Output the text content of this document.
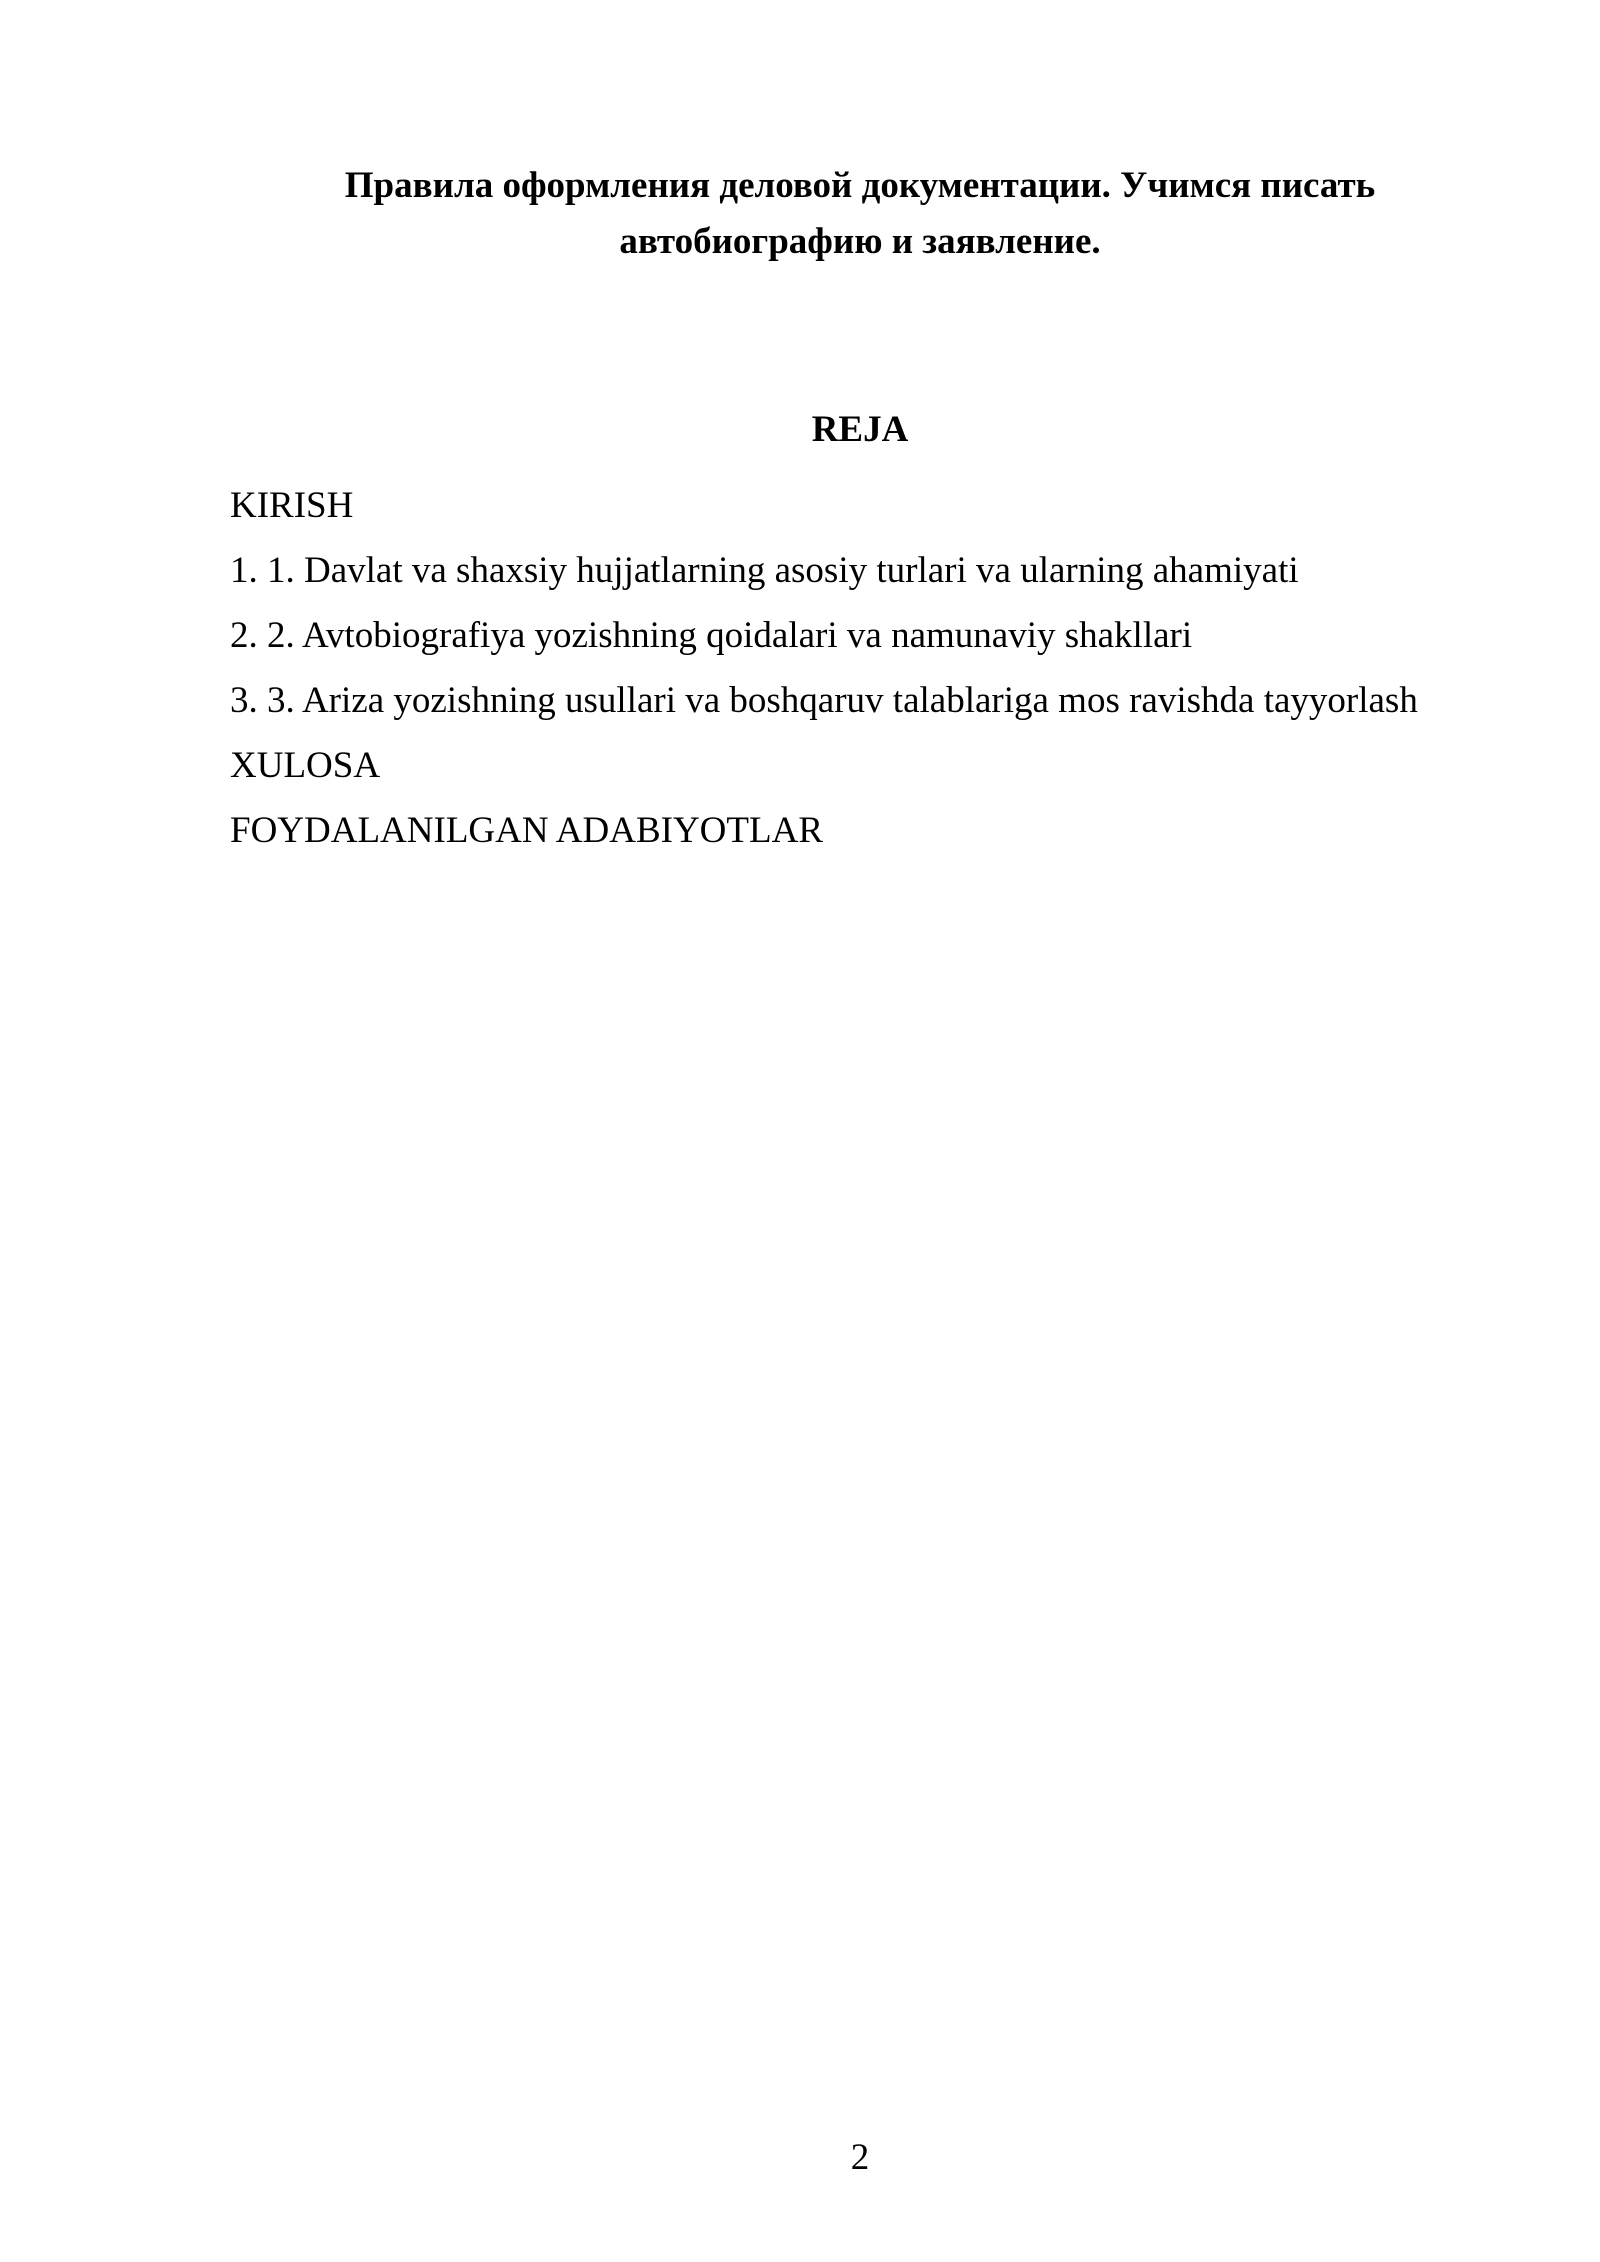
Правила оформления деловой документации. Учимся писать
автобиографию и заявление.
REJA
KIRISH
1. 1. Davlat va shaxsiy hujjatlarning asosiy turlari va ularning ahamiyati
2. 2. Avtobiografiya yozishning qoidalari va namunaviy shakllari
3. 3. Ariza yozishning usullari va boshqaruv talablariga mos ravishda tayyorlash
XULOSA
FOYDALANILGAN ADABIYOTLAR
2
